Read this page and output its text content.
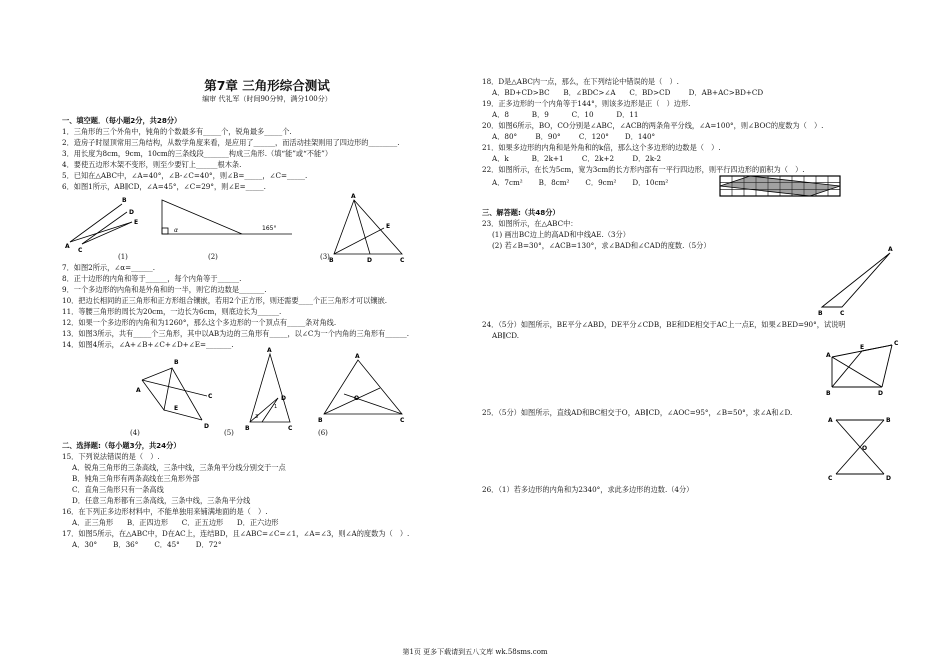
第7章 三角形综合测试
编审 代礼军（时间90分钟，满分100分）
一、填空题．（每小题2分，共28分）
1．三角形的三个外角中，钝角的个数最多有_____个，锐角最多_____个.
2．造房子时屋顶常用三角结构，从数学角度来看，是应用了______，而活动挂架则用了四边形的________.
3．用长度为8cm，9cm，10cm的三条线段_______构成三角形.（填“能”或“不能”）
4．要使五边形木架不变形，则至少要钉上______根木条.
5．已知在△ABC中，∠A=40°，∠B-∠C=40°，则∠B=_____，∠C=_____.
6．如图1所示，AB∥CD，∠A=45°，∠C=29°，则∠E=_____.
B
A
C
E
D
α	165°
A
B	D	C
E
(1)	(2)	(3)
7．如图2所示，∠α=______.
8．正十边形的内角和等于______，每个内角等于______.
9．一个多边形的内角和是外角和的一半，则它的边数是_______.
10．把边长相同的正三角形和正方形组合镶嵌，若用2个正方形，则还需要____个正三角形才可以镶嵌.
11．等腰三角形的周长为20cm，一边长为6cm，则底边长为______.
12．如果一个多边形的内角和为1260°，那么这个多边形的一个顶点有_____条对角线.
13．如图3所示，共有_____个三角形，其中以AB为边的三角形有_____，以∠C为一个内角的三角形有______.
14．如图4所示，∠A+∠B+∠C+∠D+∠E=_______.
A
B
C
E
D
A
B	C
D
3
1
A
B	C
O
(4)	(5)	(6)
二、选择题:（每小题3分，共24分）
15．下列说法错误的是（　）.
A．锐角三角形的三条高线，三条中线，三条角平分线分别交于一点
B．钝角三角形有两条高线在三角形外部
C．直角三角形只有一条高线
D．任意三角形都有三条高线，三条中线，三条角平分线
16．在下列正多边形材料中，不能单独用来铺满地面的是（　）.
A．正三角形      B．正四边形      C．正五边形      D．正六边形
17．如图5所示，在△ABC中，D在AC上，连结BD，且∠ABC=∠C=∠1，∠A=∠3，则∠A的度数为（　）.
A．30°       B．36°       C．45°       D．72°
18．D是△ABC内一点，那么，在下列结论中错误的是（　）.
A．BD+CD>BC      B．∠BDC>∠A      C．BD>CD        D．AB+AC>BD+CD
19．正多边形的一个内角等于144°，则该多边形是正（　）边形.
A．8          B．9          C．10          D．11
20．如图6所示，BO，CO分别是∠ABC，∠ACB的两条角平分线，∠A=100°，则∠BOC的度数为（　）.
A．80°        B．90°        C．120°       D．140°
21．如果多边形的内角和是外角和的k倍，那么这个多边形的边数是（　）.
A．k          B．2k+1        C．2k+2        D．2k-2
22．如图所示，在长为5cm，宽为3cm的长方形内部有一平行四边形，则平行四边形的面积为（　）.
A．7cm²       B．8cm²       C．9cm²       D．10cm²
三、解答题:（共48分）
23．如图所示，在△ABC中：
(1) 画出BC边上的高AD和中线AE.（3分）
(2) 若∠B=30°，∠ACB=130°，求∠BAD和∠CAD的度数.（5分）	A
B	C
24．（5分）如图所示，BE平分∠ABD，DE平分∠CDB，BE和DE相交于AC上一点E，如果∠BED=90°，试说明
AB∥CD.
A
C
E
B	D
25．（5分）如图所示，直线AD和BC相交于O，AB∥CD，∠AOC=95°，∠B=50°，求∠A和∠D.
A	B
O
C	D
26．（1）若多边形的内角和为2340°，求此多边形的边数.（4分）
第1页 更多下载请到五八文库 wk.58sms.com
